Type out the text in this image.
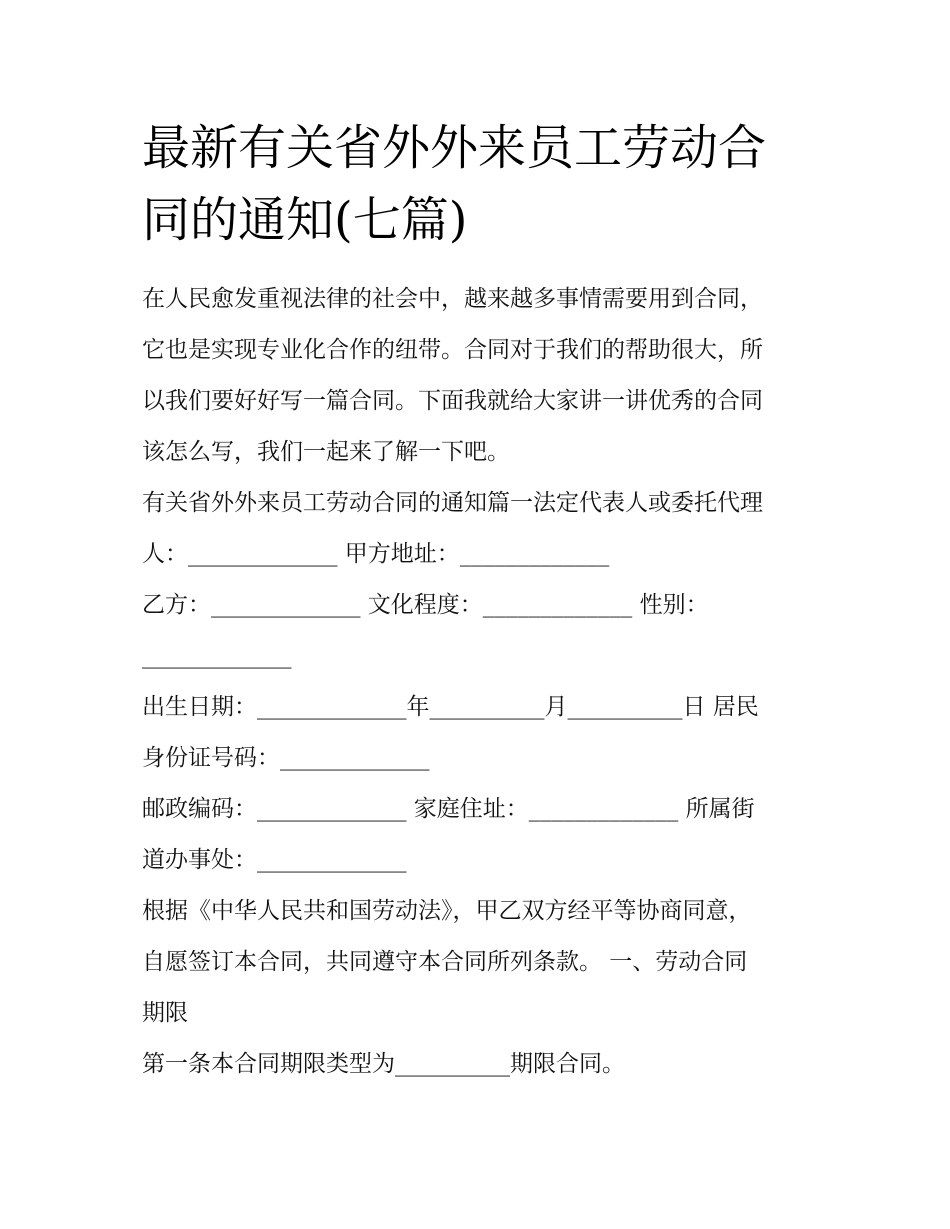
最新有关省外外来员工劳动合
同的通知(七篇)
在人民愈发重视法律的社会中，越来越多事情需要用到合同，
它也是实现专业化合作的纽带。合同对于我们的帮助很大，所
以我们要好好写一篇合同。下面我就给大家讲一讲优秀的合同
该怎么写，我们一起来了解一下吧。
有关省外外来员工劳动合同的通知篇一法定代表人或委托代理
人：_____________ 甲方地址：_____________
乙方：_____________ 文化程度：_____________ 性别：
_____________
出生日期：_____________年__________月__________日 居民
身份证号码：_____________
邮政编码：_____________ 家庭住址：_____________ 所属街
道办事处：_____________
根据《中华人民共和国劳动法》，甲乙双方经平等协商同意，
自愿签订本合同，共同遵守本合同所列条款。 一、劳动合同
期限
第一条本合同期限类型为__________期限合同。
